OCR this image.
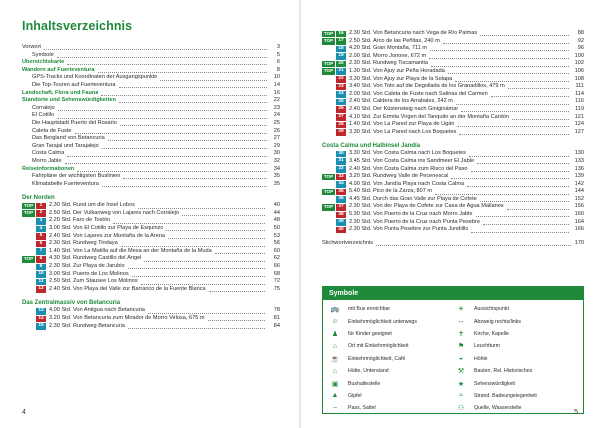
Inhaltsverzeichnis
Vorwort	3
Symbole	5
Übersichtskarte	6
Wandern auf Fuerteventura	8
GPS-Tracks und Koordinaten der Ausgangspunkte	10
Die Top-Touren auf Fuerteventura	14
Landschaft, Flora und Fauna	16
Standorte und Sehenswürdigkeiten	22
Corralejo	23
El Cotillo	24
Die Hauptstadt Puerto del Rosario	25
Caleta de Fuste	26
Das Bergland von Betancuria	27
Gran Tarajal und Tarajalejo	29
Costa Calma	30
Morro Jable	32
Reiseinformationen	34
Fahrpläne der wichtigsten Buslinien	35
Klimatabelle Fuerteventura	35
Der Norden
TOP	1	2.30 Std. Rund um die Insel Lobos	40
TOP	2	2.50 Std. Der Vulkanweg von Lajares nach Corralejo	44
3	2.20 Std. Faro de Tostón	48
4	3.00 Std. Von El Cotillo zur Playa de Esquinzo	50
5	2.40 Std. Von Lajares zur Montaña de la Arena	53
6	2.30 Std. Rundweg Tindaya	56
7	1.40 Std. Von La Matilla auf die Mesa an der Montaña de la Muda	60
TOP	8	4.30 Std. Rundweg Castillo del Ángel	62
9	2.30 Std. Zur Playa de Jarubio	66
10 3.00 Std. Puerto de Los Molinos	68
11 2.50 Std. Zum Stausee Los Molinos	72
12 2.40 Std. Von Playa del Valle zur Barranco de la Fuente Blanca	75
Das Zentralmassiv von Betancuria
13 4.00 Std. Von Antigua nach Betancuria	78
14 3.20 Std. Von Betancuria zum Mirador de Morro Velosa, 675 m	81
15 2.30 Std. Rundweg Betancuria	84
4
TOP	16 2.30 Std. Von Betancuria nach Vega de Río Palmas	88
TOP	17 2.50 Std. Arco de las Peñitas, 240 m	92
18 4.20 Std. Gran Montaña, 711 m	96
19 2.00 Std. Morro Jonone, 672 m	100
TOP	20 2.30 Std. Rundweg Tiscamanita	102
TOP	21 1.30 Std. Von Ajuy zur Peña Horadada	106
22 3.30 Std. Von Ajuy zur Playa de la Solapa	108
23 3.40 Std. Von Toto auf die Degollada de los Granadillos, 479 m	111
24 2.00 Std. Von Caleta de Fuste nach Salinas del Carmen	114
25 2.40 Std. Caldera de los Arrabales, 242 m	116
26 2.40 Std. Der Küstensteig nach Giniginámar	119
27 4.10 Std. Zur Ermita Virgen del Tanquito an der Montaña Cardón	121
28 1.40 Std. Von La Pared zur Playa de Ugán	124
29 3.30 Std. Von La Pared nach Los Boquetes	127
Costa Calma und Halbinsel Jandía
30 3.30 Std. Von Costa Calma nach Los Boquetes	130
31 3.45 Std. Von Costa Calma ins Sandmeer El Jable	133
32 2.40 Std. Von Costa Calma zum Risco del Paso	136
TOP	33 3.20 Std. Rundweg Valle de Pecenescal	139
34 4.00 Std. Von Jandía Playa nach Costa Calma	142
TOP	35 5.40 Std. Pico de la Zarza, 807 m	144
36 4.45 Std. Durch das Gran Valle zur Playa de Cofete	152
TOP	37 2.30 Std. Von der Playa de Cofete zur Casa de Agua Mallanes	156
38 5.30 Std. Von Puerto de la Cruz nach Morro Jable	160
39 2.30 Std. Von Puerto de la Cruz nach Punta Pesebre	164
40 2.30 Std. Von Punta Pesebre zur Punta Jundiillo	166
Stichwortverzeichnis	170
Symbole
🚌	mit Bus erreichbar
☺	Einkehrmöglichkeit unterwegs
♟	für Kinder geeignet
⌂	Ort mit Einkehrmöglichkeit
☕	Einkehrmöglichkeit, Café
⌂	Hütte, Unterstand
▣	Bushaltestelle
▲	Gipfel
⌢	Pass, Sattel
☀	Aussichtspunkt
↔	Abzweig rechts/links
✝	Kirche, Kapelle
⚑	Leuchtturm
◒	Höhle
⚒	Bauten, Rel. Historisches
★	Sehenswürdigkeit
≈	Strand, Badeungelegenheit
⚇	Quelle, Wasserstelle
5
